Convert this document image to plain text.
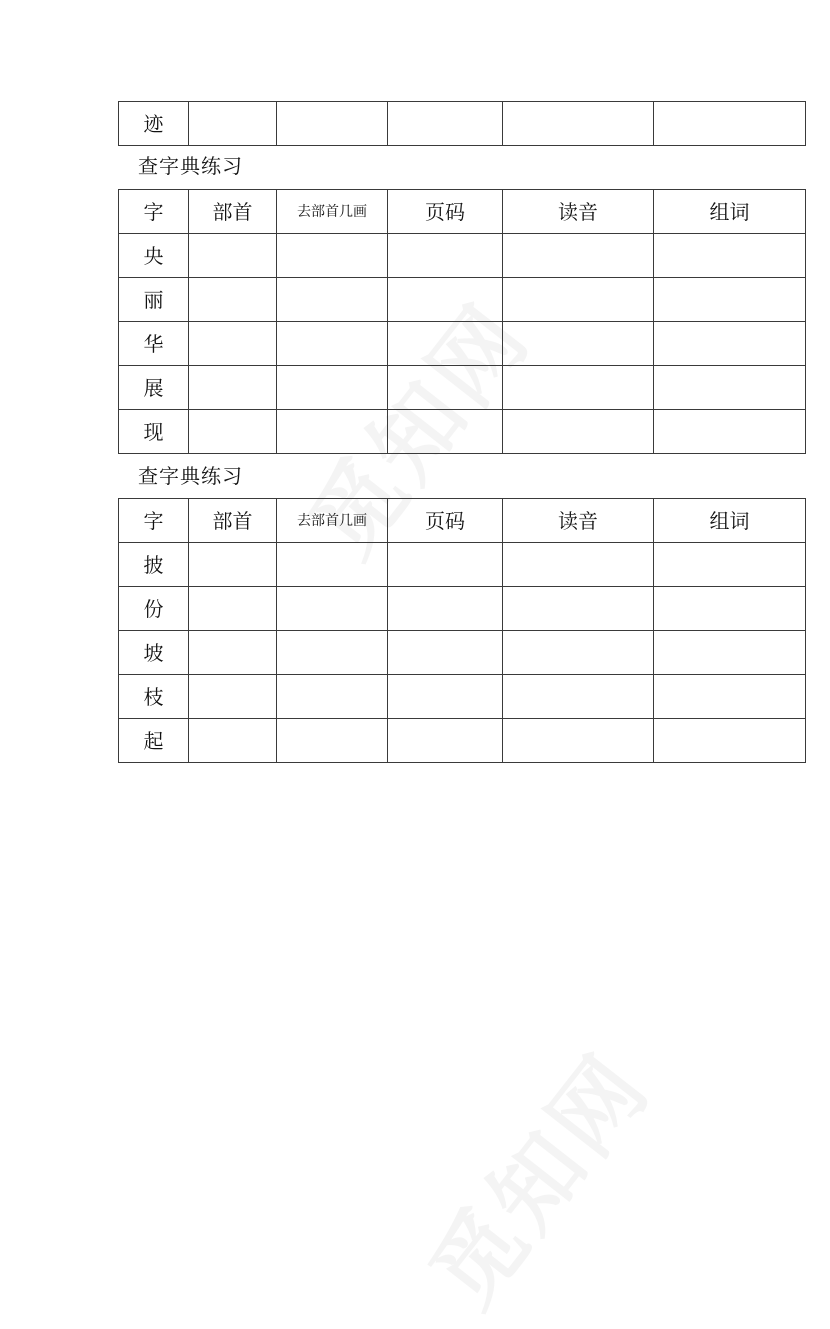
迹					
查字典练习
字	部首	去部首几画	页码	读音	组词
央					
丽					
华					
展					
现					
查字典练习
字	部首	去部首几画	页码	读音	组词
披					
份					
坡					
枝					
起					
